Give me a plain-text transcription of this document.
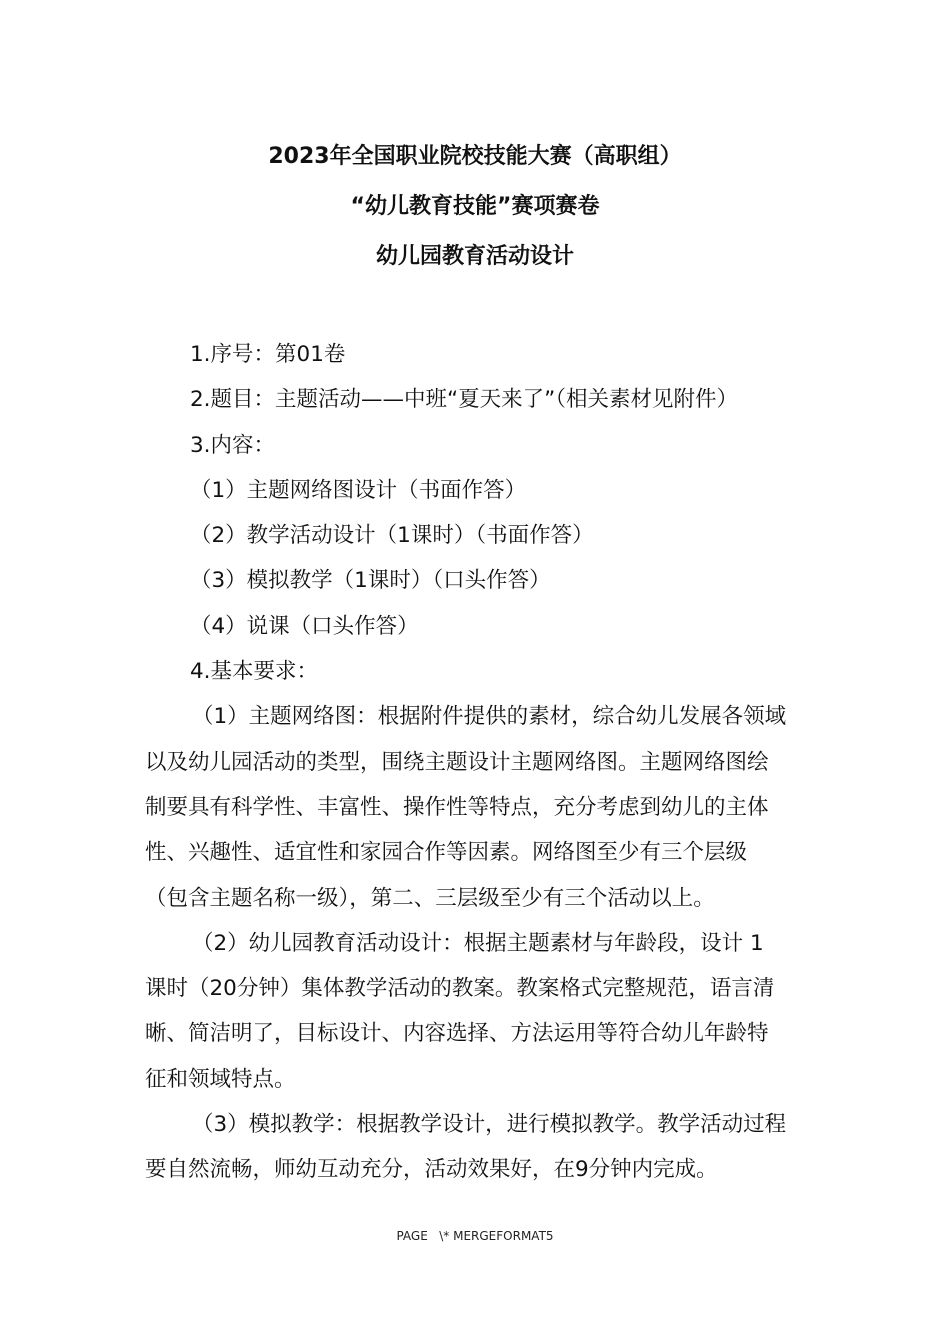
2023年全国职业院校技能大赛（高职组）
“幼儿教育技能”赛项赛卷
幼儿园教育活动设计
1.序号：第01卷
2.题目：主题活动——中班“夏天来了”（相关素材见附件）
3.内容：
（1）主题网络图设计（书面作答）
（2）教学活动设计（1课时）（书面作答）
（3）模拟教学（1课时）（口头作答）
（4）说课（口头作答）
4.基本要求：
（1）主题网络图：根据附件提供的素材，综合幼儿发展各领域
以及幼儿园活动的类型，围绕主题设计主题网络图。主题网络图绘
制要具有科学性、丰富性、操作性等特点，充分考虑到幼儿的主体
性、兴趣性、适宜性和家园合作等因素。网络图至少有三个层级
（包含主题名称一级），第二、三层级至少有三个活动以上。
（2）幼儿园教育活动设计：根据主题素材与年龄段，设计 1
课时（20分钟）集体教学活动的教案。教案格式完整规范，语言清
晰、简洁明了，目标设计、内容选择、方法运用等符合幼儿年龄特
征和领域特点。
（3）模拟教学：根据教学设计，进行模拟教学。教学活动过程
要自然流畅，师幼互动充分，活动效果好，在9分钟内完成。
PAGE   \* MERGEFORMAT5
